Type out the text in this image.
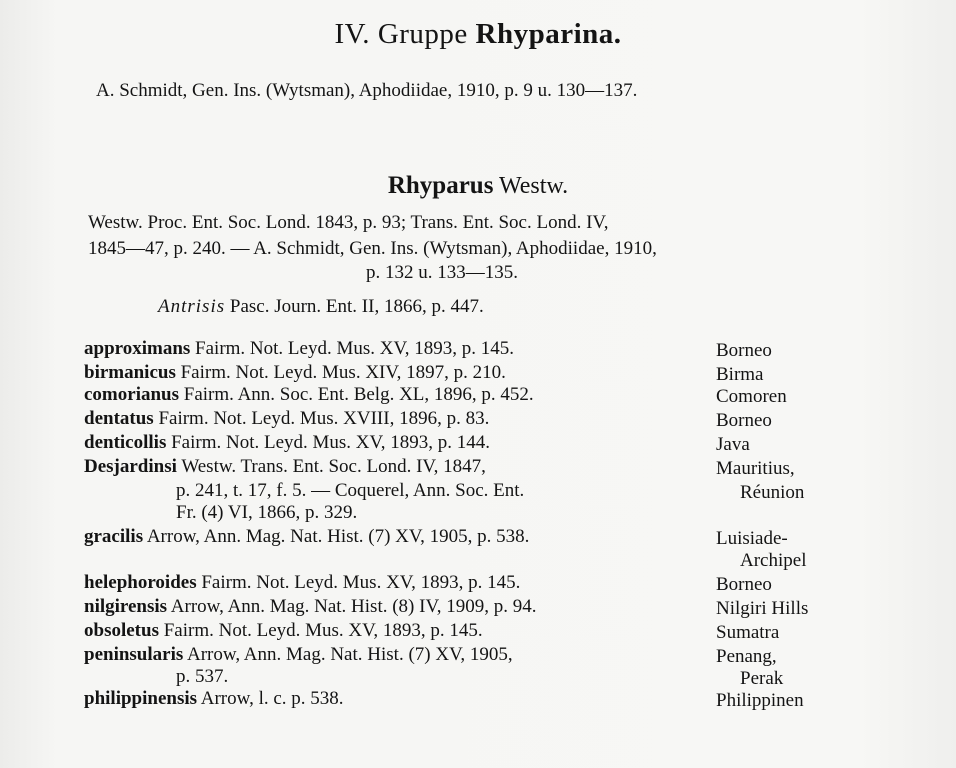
IV. Gruppe Rhyparina.
A. Schmidt, Gen. Ins. (Wytsman), Aphodiidae, 1910, p. 9 u. 130—137.
Rhyparus Westw.
Westw. Proc. Ent. Soc. Lond. 1843, p. 93; Trans. Ent. Soc. Lond. IV,
1845—47, p. 240. — A. Schmidt, Gen. Ins. (Wytsman), Aphodiidae, 1910,
p. 132 u. 133—135.
Antrisis Pasc. Journ. Ent. II, 1866, p. 447.
approximans Fairm. Not. Leyd. Mus. XV, 1893, p. 145.	Borneo
birmanicus Fairm. Not. Leyd. Mus. XIV, 1897, p. 210.	Birma
comorianus Fairm. Ann. Soc. Ent. Belg. XL, 1896, p. 452.	Comoren
dentatus Fairm. Not. Leyd. Mus. XVIII, 1896, p. 83.	Borneo
denticollis Fairm. Not. Leyd. Mus. XV, 1893, p. 144.	Java
Desjardinsi Westw. Trans. Ent. Soc. Lond. IV, 1847,	Mauritius,
p. 241, t. 17, f. 5. — Coquerel, Ann. Soc. Ent.	Réunion
Fr. (4) VI, 1866, p. 329.
gracilis Arrow, Ann. Mag. Nat. Hist. (7) XV, 1905, p. 538.	Luisiade-
Archipel
helephoroides Fairm. Not. Leyd. Mus. XV, 1893, p. 145.	Borneo
nilgirensis Arrow, Ann. Mag. Nat. Hist. (8) IV, 1909, p. 94.	Nilgiri Hills
obsoletus Fairm. Not. Leyd. Mus. XV, 1893, p. 145.	Sumatra
peninsularis Arrow, Ann. Mag. Nat. Hist. (7) XV, 1905,	Penang,
p. 537.	Perak
philippinensis Arrow, l. c. p. 538.	Philippinen
